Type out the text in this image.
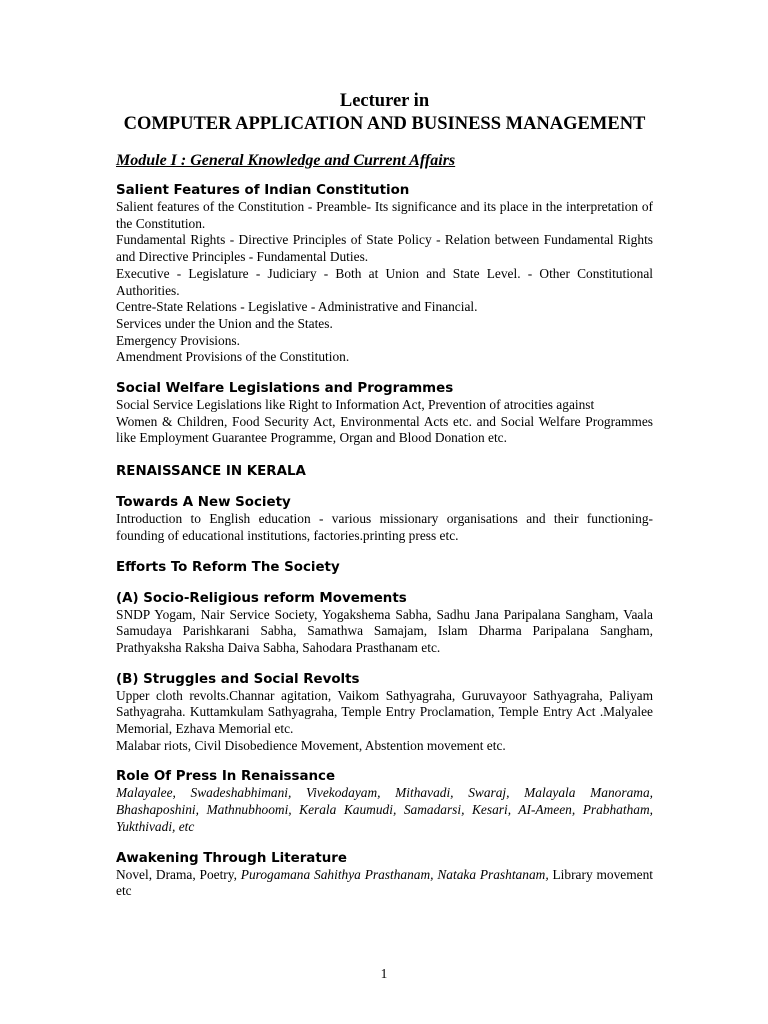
Lecturer in
COMPUTER APPLICATION AND BUSINESS MANAGEMENT
Module I : General Knowledge and Current Affairs
Salient Features of Indian Constitution
Salient features of the Constitution - Preamble- Its significance and its place in the interpretation of the Constitution.
Fundamental Rights - Directive Principles of State Policy - Relation between Fundamental Rights and Directive Principles - Fundamental Duties.
Executive - Legislature - Judiciary - Both at Union and State Level. - Other Constitutional Authorities.
Centre-State Relations - Legislative - Administrative and Financial.
Services under the Union and the States.
Emergency Provisions.
Amendment Provisions of the Constitution.
Social Welfare Legislations and Programmes
Social Service Legislations like Right to Information Act, Prevention of atrocities against
Women & Children, Food Security Act, Environmental Acts etc. and Social Welfare Programmes like Employment Guarantee Programme, Organ and Blood Donation etc.
RENAISSANCE IN KERALA
Towards A New Society
Introduction to English education - various missionary organisations and their functioning- founding of educational institutions, factories.printing press etc.
Efforts To Reform The Society
(A) Socio-Religious reform Movements
SNDP Yogam, Nair Service Society, Yogakshema Sabha, Sadhu Jana Paripalana Sangham, Vaala Samudaya Parishkarani Sabha, Samathwa Samajam, Islam Dharma Paripalana Sangham, Prathyaksha Raksha Daiva Sabha, Sahodara Prasthanam etc.
(B) Struggles and Social Revolts
Upper cloth revolts.Channar agitation, Vaikom Sathyagraha, Guruvayoor Sathyagraha, Paliyam Sathyagraha. Kuttamkulam Sathyagraha, Temple Entry Proclamation, Temple Entry Act .Malyalee Memorial, Ezhava Memorial etc.
Malabar riots, Civil Disobedience Movement, Abstention movement etc.
Role Of Press In Renaissance
Malayalee, Swadeshabhimani, Vivekodayam, Mithavadi, Swaraj, Malayala Manorama, Bhashaposhini, Mathnubhoomi, Kerala Kaumudi, Samadarsi, Kesari, AI-Ameen, Prabhatham, Yukthivadi, etc
Awakening Through Literature
Novel, Drama, Poetry, Purogamana Sahithya Prasthanam, Nataka Prashtanam, Library movement etc
1
